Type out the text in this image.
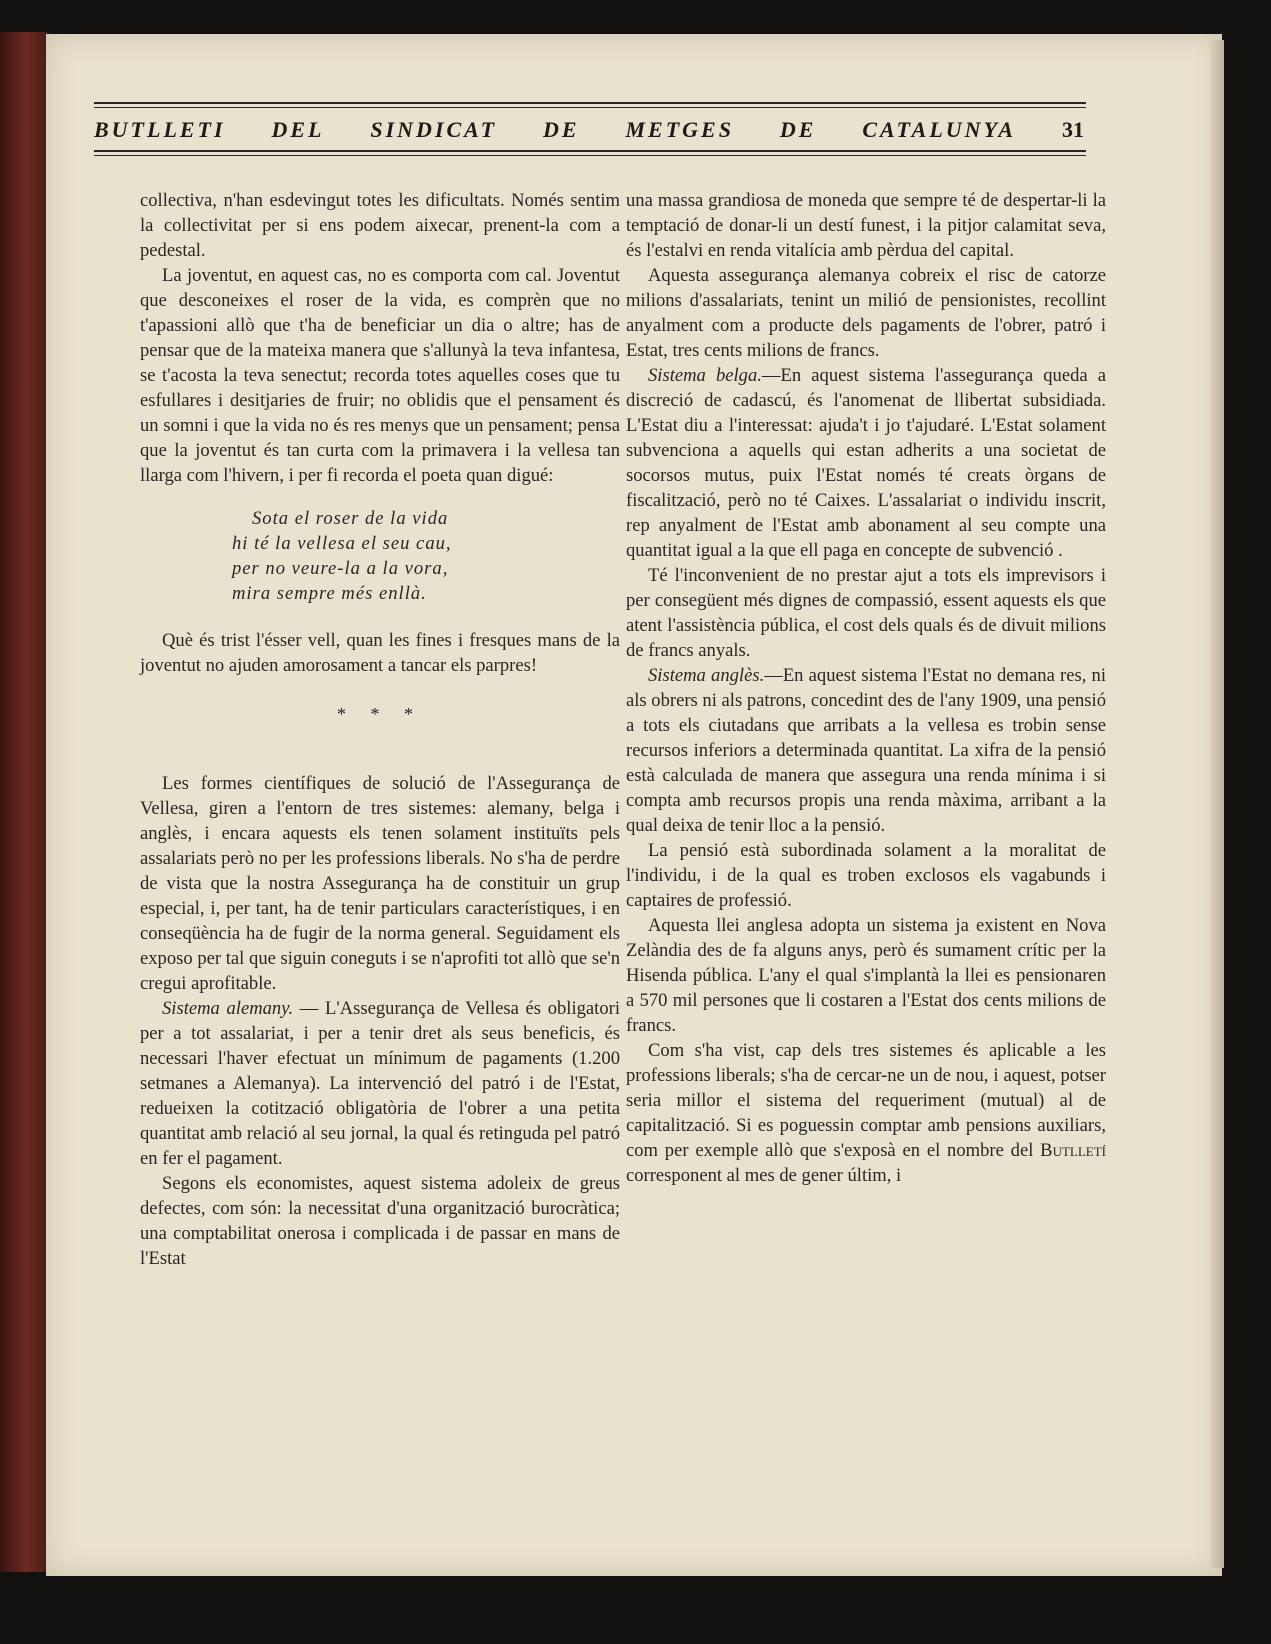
BUTLLETI DEL SINDICAT DE METGES DE CATALUNYA 31

collectiva, n'han esdevingut totes les dificultats. Només sentim la collectivitat per si ens podem aixecar, prenent-la com a pedestal.

La joventut, en aquest cas, no es comporta com cal. Joventut que desconeixes el roser de la vida, es comprèn que no t'apassioni allò que t'ha de beneficiar un dia o altre; has de pensar que de la mateixa manera que s'allunyà la teva infantesa, se t'acosta la teva senectut; recorda totes aquelles coses que tu esfullares i desitjaries de fruir; no oblidis que el pensament és un somni i que la vida no és res menys que un pensament; pensa que la joventut és tan curta com la primavera i la vellesa tan llarga com l'hivern, i per fi recorda el poeta quan digué:

Sota el roser de la vida
hi té la vellesa el seu cau,
per no veure-la a la vora,
mira sempre més enllà.

Què és trist l'ésser vell, quan les fines i fresques mans de la joventut no ajuden amorosament a tancar els parpres!

* * *

Les formes científiques de solució de l'Assegurança de Vellesa, giren a l'entorn de tres sistemes: alemany, belga i anglès, i encara aquests els tenen solament instituïts pels assalariats però no per les professions liberals. No s'ha de perdre de vista que la nostra Assegurança ha de constituir un grup especial, i, per tant, ha de tenir particulars característiques, i en conseqüència ha de fugir de la norma general. Seguidament els exposo per tal que siguin coneguts i se n'aprofiti tot allò que se'n cregui aprofitable.

Sistema alemany. — L'Assegurança de Vellesa és obligatori per a tot assalariat, i per a tenir dret als seus beneficis, és necessari l'haver efectuat un mínimum de pagaments (1.200 setmanes a Alemanya). La intervenció del patró i de l'Estat, redueixen la cotització obligatòria de l'obrer a una petita quantitat amb relació al seu jornal, la qual és retinguda pel patró en fer el pagament.

Segons els economistes, aquest sistema adoleix de greus defectes, com són: la necessitat d'una organització burocràtica; una comptabilitat onerosa i complicada i de passar en mans de l'Estat

una massa grandiosa de moneda que sempre té de despertar-li la temptació de donar-li un destí funest, i la pitjor calamitat seva, és l'estalvi en renda vitalícia amb pèrdua del capital.

Aquesta assegurança alemanya cobreix el risc de catorze milions d'assalariats, tenint un milió de pensionistes, recollint anyalment com a producte dels pagaments de l'obrer, patró i Estat, tres cents milions de francs.

Sistema belga.—En aquest sistema l'assegurança queda a discreció de cadascú, és l'anomenat de llibertat subsidiada. L'Estat diu a l'interessat: ajuda't i jo t'ajudaré. L'Estat solament subvenciona a aquells qui estan adherits a una societat de socorsos mutus, puix l'Estat només té creats òrgans de fiscalització, però no té Caixes. L'assalariat o individu inscrit, rep anyalment de l'Estat amb abonament al seu compte una quantitat igual a la que ell paga en concepte de subvenció .

Té l'inconvenient de no prestar ajut a tots els imprevisors i per consegüent més dignes de compassió, essent aquests els que atent l'assistència pública, el cost dels quals és de divuit milions de francs anyals.

Sistema anglès.—En aquest sistema l'Estat no demana res, ni als obrers ni als patrons, concedint des de l'any 1909, una pensió a tots els ciutadans que arribats a la vellesa es trobin sense recursos inferiors a determinada quantitat. La xifra de la pensió està calculada de manera que assegura una renda mínima i si compta amb recursos propis una renda màxima, arribant a la qual deixa de tenir lloc a la pensió.

La pensió està subordinada solament a la moralitat de l'individu, i de la qual es troben exclosos els vagabunds i captaires de professió.

Aquesta llei anglesa adopta un sistema ja existent en Nova Zelàndia des de fa alguns anys, però és sumament crític per la Hisenda pública. L'any el qual s'implantà la llei es pensionaren a 570 mil persones que li costaren a l'Estat dos cents milions de francs.

Com s'ha vist, cap dels tres sistemes és aplicable a les professions liberals; s'ha de cercar-ne un de nou, i aquest, potser seria millor el sistema del requeriment (mutual) al de capitalització. Si es poguessin comptar amb pensions auxiliars, com per exemple allò que s'exposà en el nombre del Butlletí corresponent al mes de gener últim, i
